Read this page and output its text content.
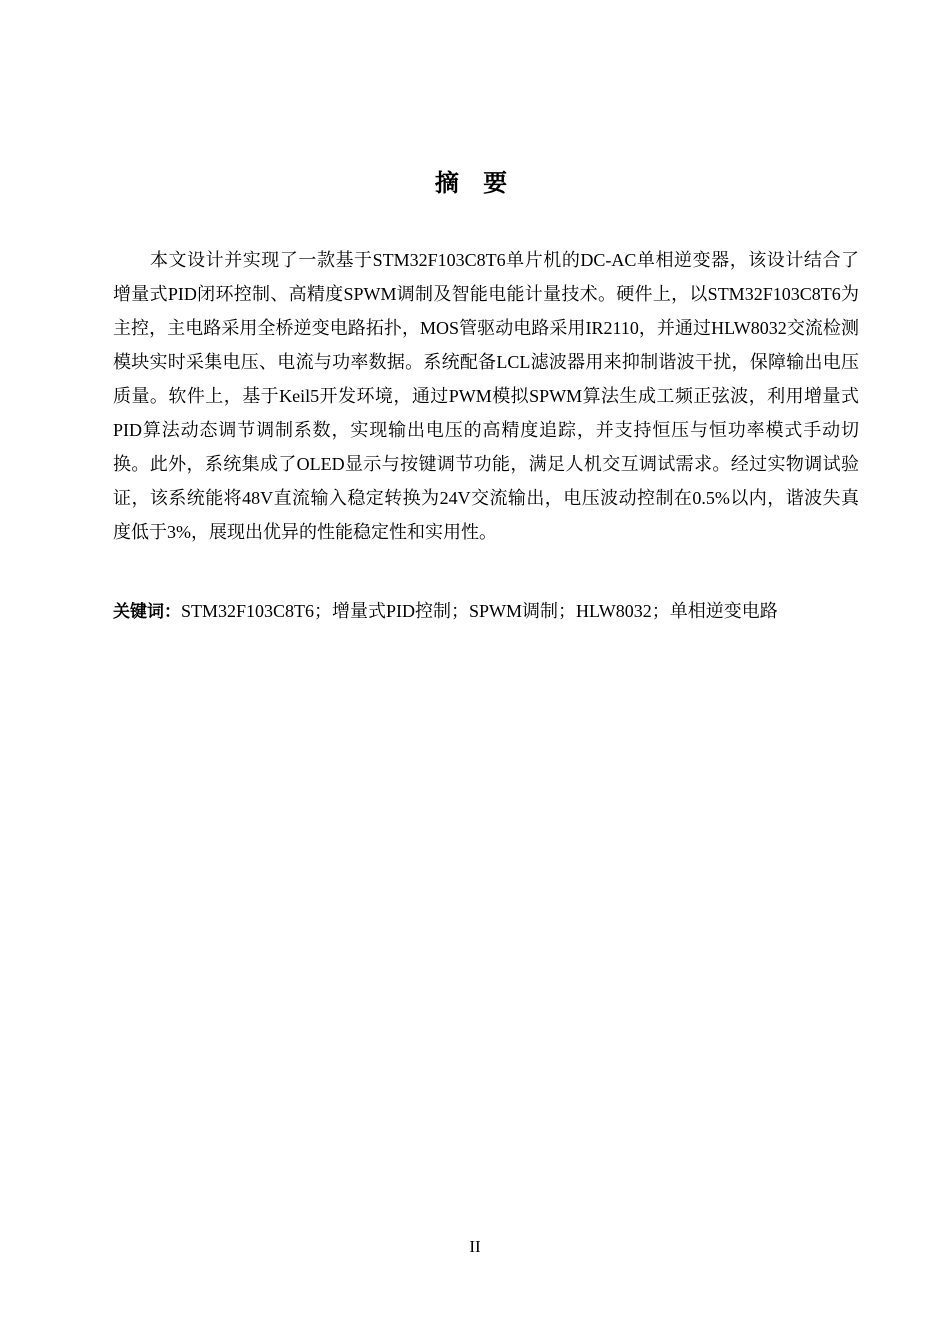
摘 要

本文设计并实现了一款基于STM32F103C8T6单片机的DC-AC单相逆变器，该设计结合了增量式PID闭环控制、高精度SPWM调制及智能电能计量技术。硬件上，以STM32F103C8T6为主控，主电路采用全桥逆变电路拓扑，MOS管驱动电路采用IR2110，并通过HLW8032交流检测模块实时采集电压、电流与功率数据。系统配备LCL滤波器用来抑制谐波干扰，保障输出电压质量。软件上，基于Keil5开发环境，通过PWM模拟SPWM算法生成工频正弦波，利用增量式PID算法动态调节调制系数，实现输出电压的高精度追踪，并支持恒压与恒功率模式手动切换。此外，系统集成了OLED显示与按键调节功能，满足人机交互调试需求。经过实物调试验证，该系统能将48V直流输入稳定转换为24V交流输出，电压波动控制在0.5%以内，谐波失真度低于3%，展现出优异的性能稳定性和实用性。

关键词：STM32F103C8T6；增量式PID控制；SPWM调制；HLW8032；单相逆变电路
II
